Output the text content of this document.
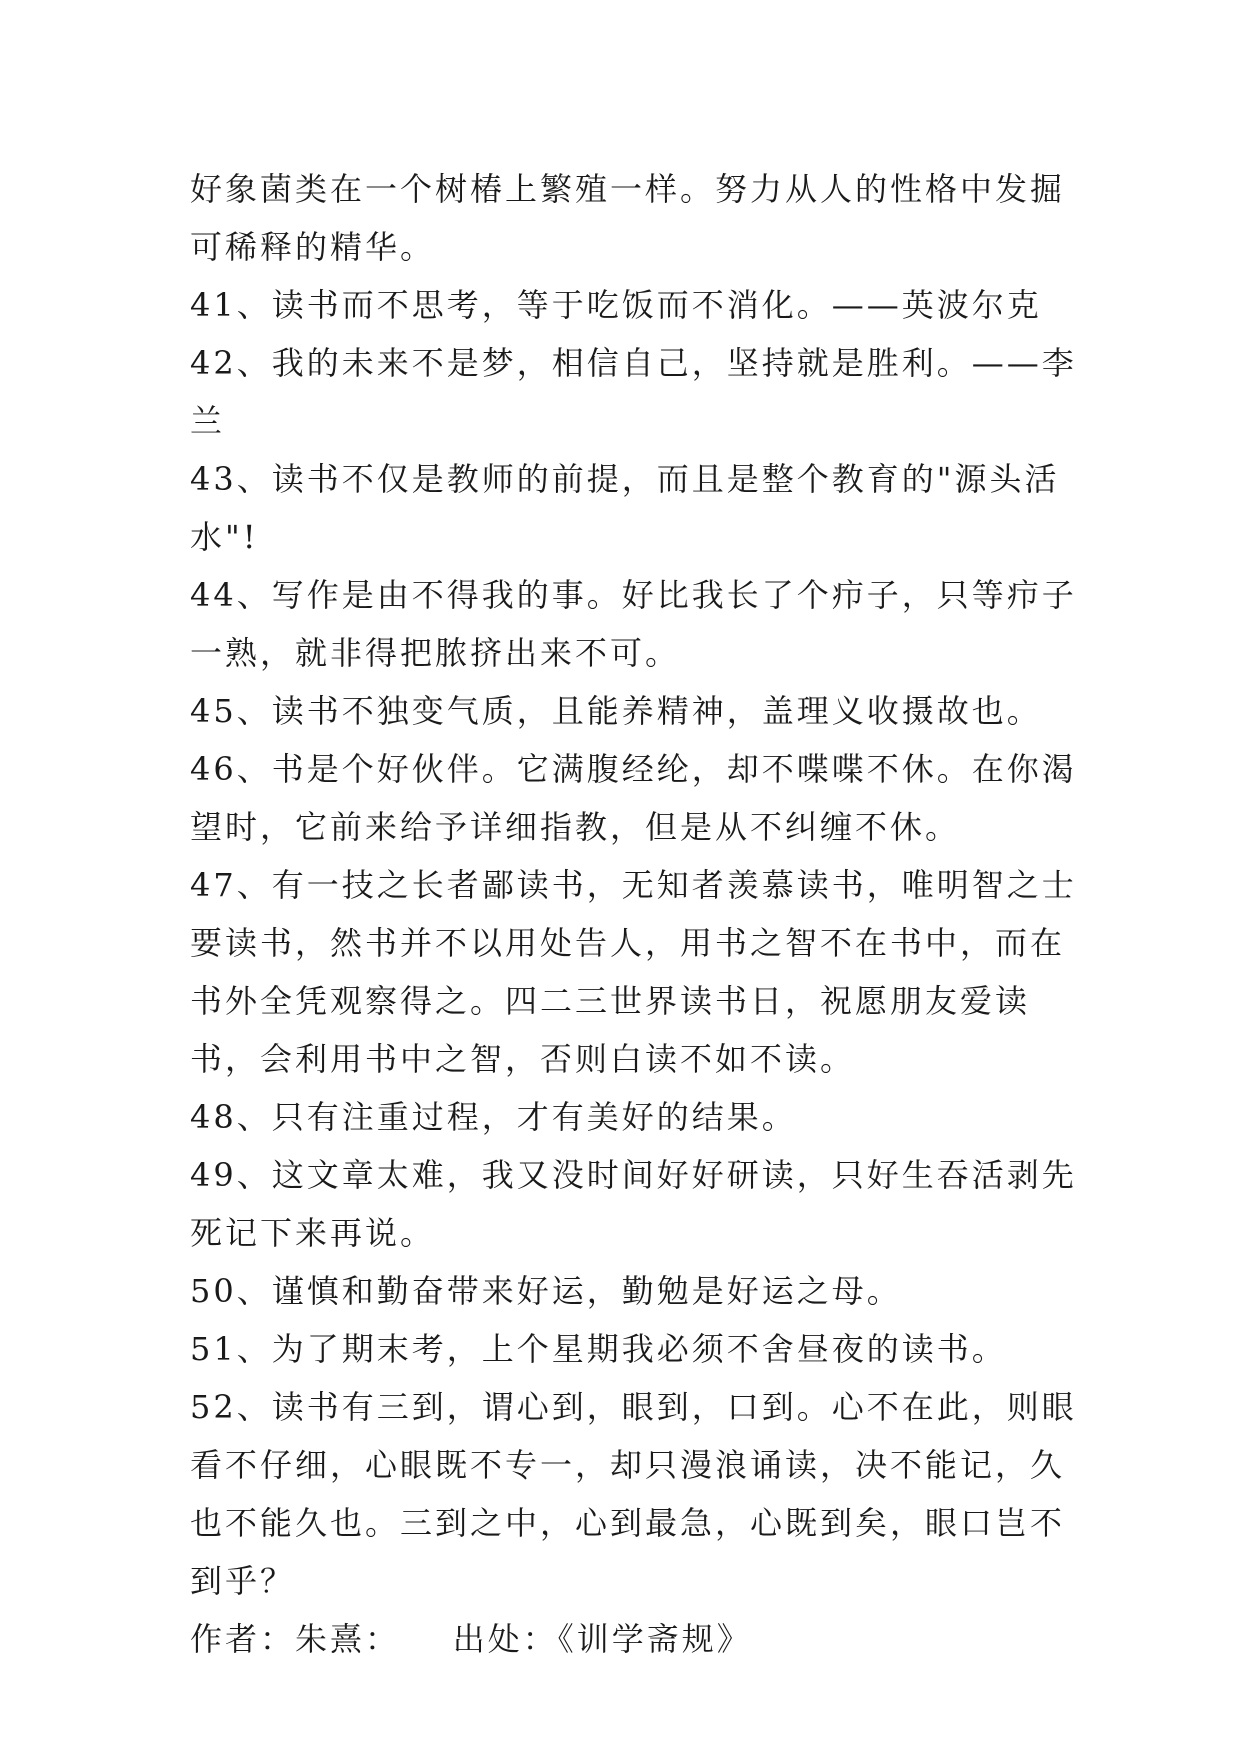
好象菌类在一个树椿上繁殖一样。努力从人的性格中发掘可稀释的精华。

41、读书而不思考，等于吃饭而不消化。——英波尔克

42、我的未来不是梦，相信自己，坚持就是胜利。——李兰

43、读书不仅是教师的前提，而且是整个教育的"源头活水"!

44、写作是由不得我的事。好比我长了个疖子，只等疖子一熟，就非得把脓挤出来不可。

45、读书不独变气质，且能养精神，盖理义收摄故也。

46、书是个好伙伴。它满腹经纶，却不喋喋不休。在你渴望时，它前来给予详细指教，但是从不纠缠不休。

47、有一技之长者鄙读书，无知者羡慕读书，唯明智之士要读书，然书并不以用处告人，用书之智不在书中，而在书外全凭观察得之。四二三世界读书日，祝愿朋友爱读书，会利用书中之智，否则白读不如不读。

48、只有注重过程，才有美好的结果。

49、这文章太难，我又没时间好好研读，只好生吞活剥先死记下来再说。

50、谨慎和勤奋带来好运，勤勉是好运之母。

51、为了期末考，上个星期我必须不舍昼夜的读书。

52、读书有三到，谓心到，眼到，口到。心不在此，则眼看不仔细，心眼既不专一，却只漫浪诵读，决不能记，久也不能久也。三到之中，心到最急，心既到矣，眼口岂不到乎？

作者：朱熹：    出处：《训学斋规》
